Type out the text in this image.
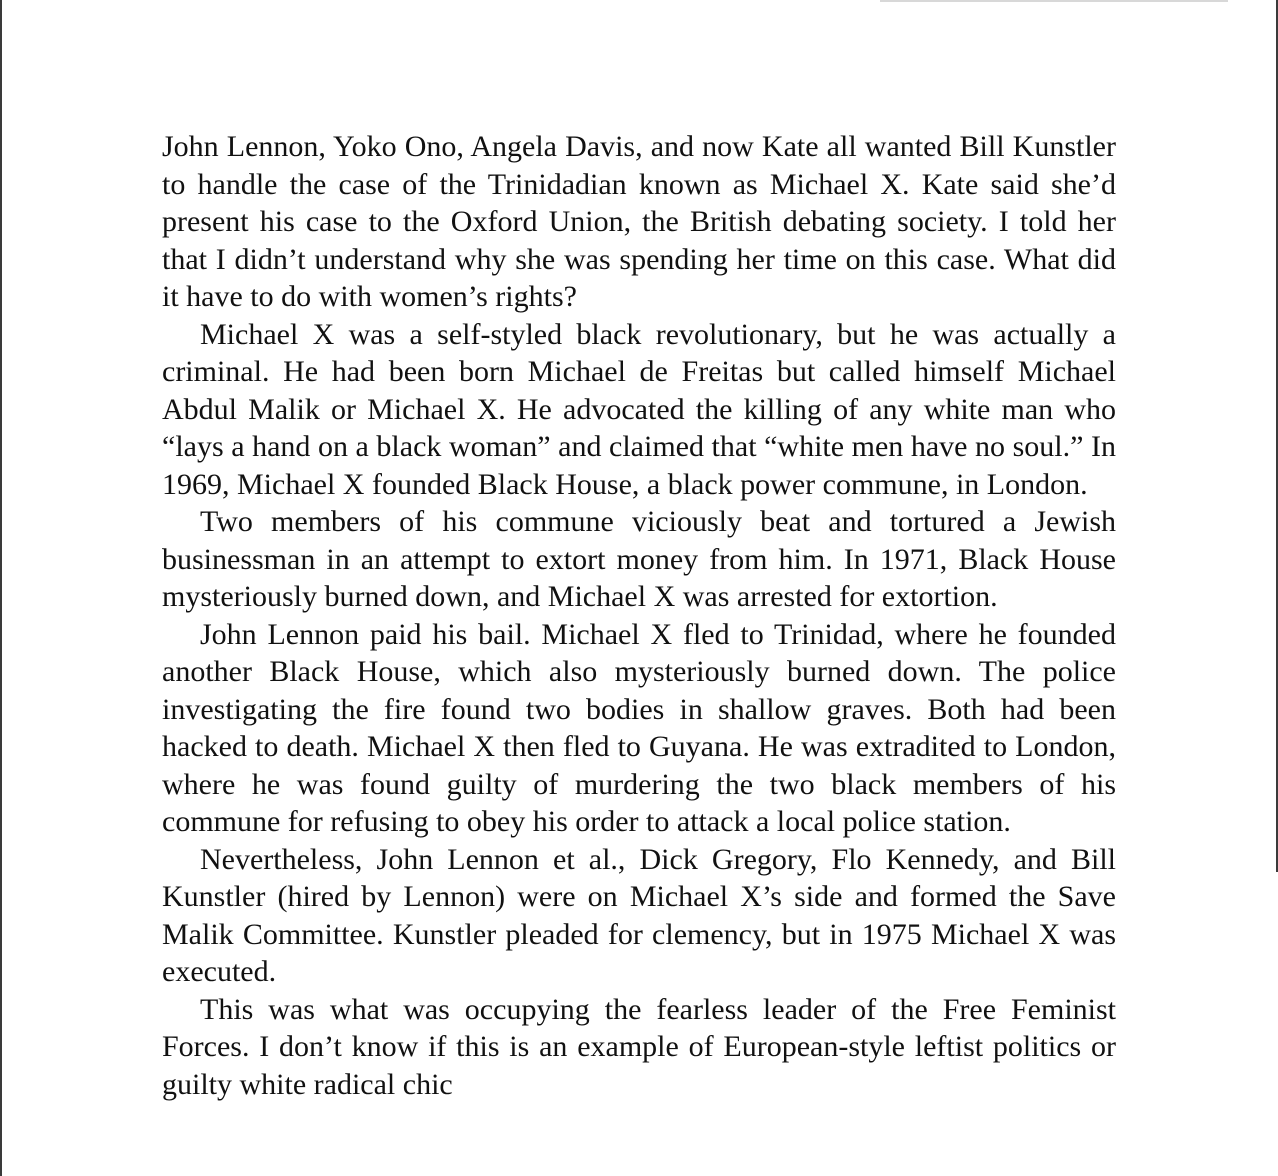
John Lennon, Yoko Ono, Angela Davis, and now Kate all wanted Bill Kunstler to handle the case of the Trinidadian known as Michael X. Kate said she’d present his case to the Oxford Union, the British debating society. I told her that I didn’t understand why she was spending her time on this case. What did it have to do with women’s rights?

Michael X was a self-styled black revolutionary, but he was actually a criminal. He had been born Michael de Freitas but called himself Michael Abdul Malik or Michael X. He advocated the killing of any white man who “lays a hand on a black woman” and claimed that “white men have no soul.” In 1969, Michael X founded Black House, a black power commune, in London.

Two members of his commune viciously beat and tortured a Jewish businessman in an attempt to extort money from him. In 1971, Black House mysteriously burned down, and Michael X was arrested for extortion.

John Lennon paid his bail. Michael X fled to Trinidad, where he founded another Black House, which also mysteriously burned down. The police investigating the fire found two bodies in shallow graves. Both had been hacked to death. Michael X then fled to Guyana. He was extradited to London, where he was found guilty of murdering the two black members of his commune for refusing to obey his order to attack a local police station.

Nevertheless, John Lennon et al., Dick Gregory, Flo Kennedy, and Bill Kunstler (hired by Lennon) were on Michael X’s side and formed the Save Malik Committee. Kunstler pleaded for clemency, but in 1975 Michael X was executed.

This was what was occupying the fearless leader of the Free Feminist Forces. I don’t know if this is an example of European-style leftist politics or guilty white radical chic
